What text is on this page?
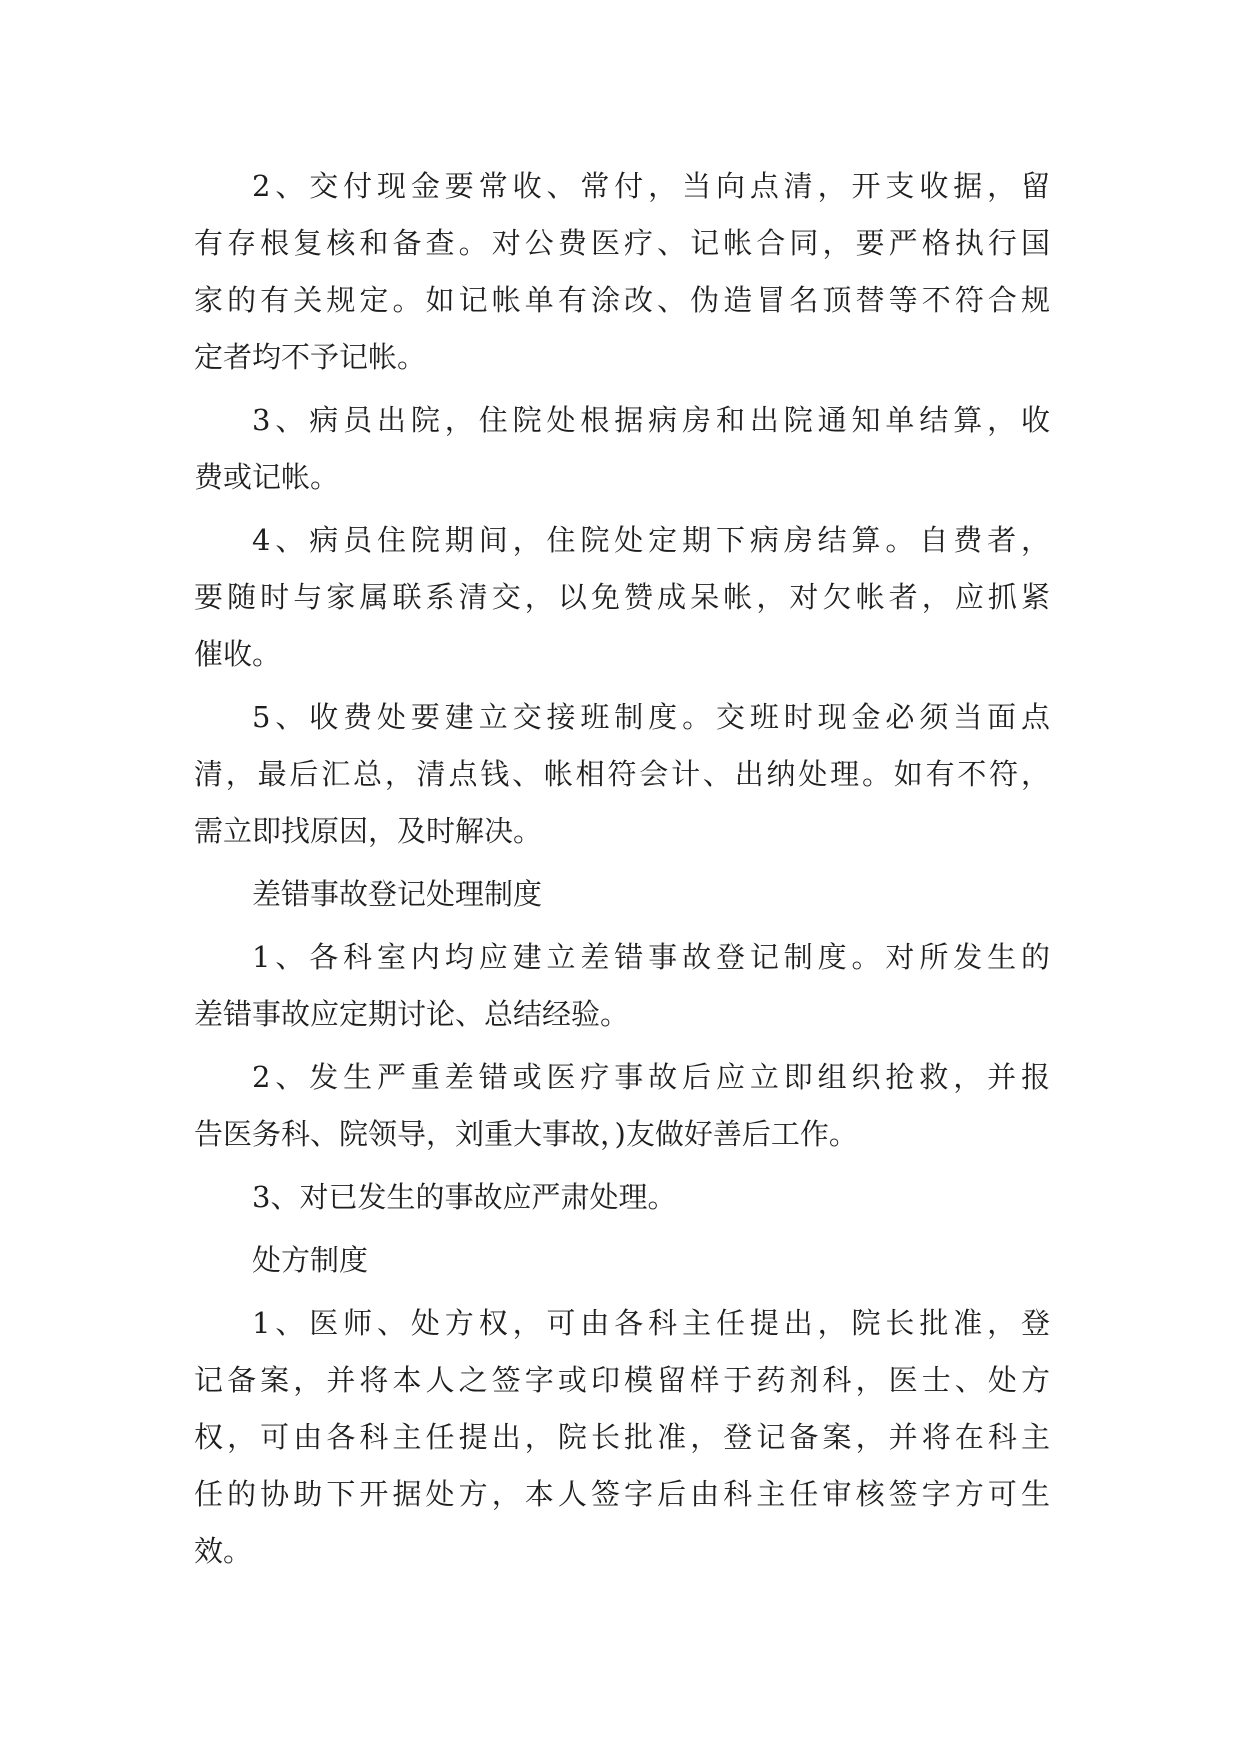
2、交付现金要常收、常付，当向点清，开支收据，留
有存根复核和备查。对公费医疗、记帐合同，要严格执行国
家的有关规定。如记帐单有涂改、伪造冒名顶替等不符合规
定者均不予记帐。
3、病员出院，住院处根据病房和出院通知单结算，收
费或记帐。
4、病员住院期间，住院处定期下病房结算。自费者，
要随时与家属联系清交，以免赞成呆帐，对欠帐者，应抓紧
催收。
5、收费处要建立交接班制度。交班时现金必须当面点
清，最后汇总，清点钱、帐相符会计、出纳处理。如有不符，
需立即找原因，及时解决。
差错事故登记处理制度
1、各科室内均应建立差错事故登记制度。对所发生的
差错事故应定期讨论、总结经验。
2、发生严重差错或医疗事故后应立即组织抢救，并报
告医务科、院领导，刘重大事故，)友做好善后工作。
3、对已发生的事故应严肃处理。
处方制度
1、医师、处方权，可由各科主任提出，院长批准，登
记备案，并将本人之签字或印模留样于药剂科，医士、处方
权，可由各科主任提出，院长批准，登记备案，并将在科主
任的协助下开据处方，本人签字后由科主任审核签字方可生
效。
